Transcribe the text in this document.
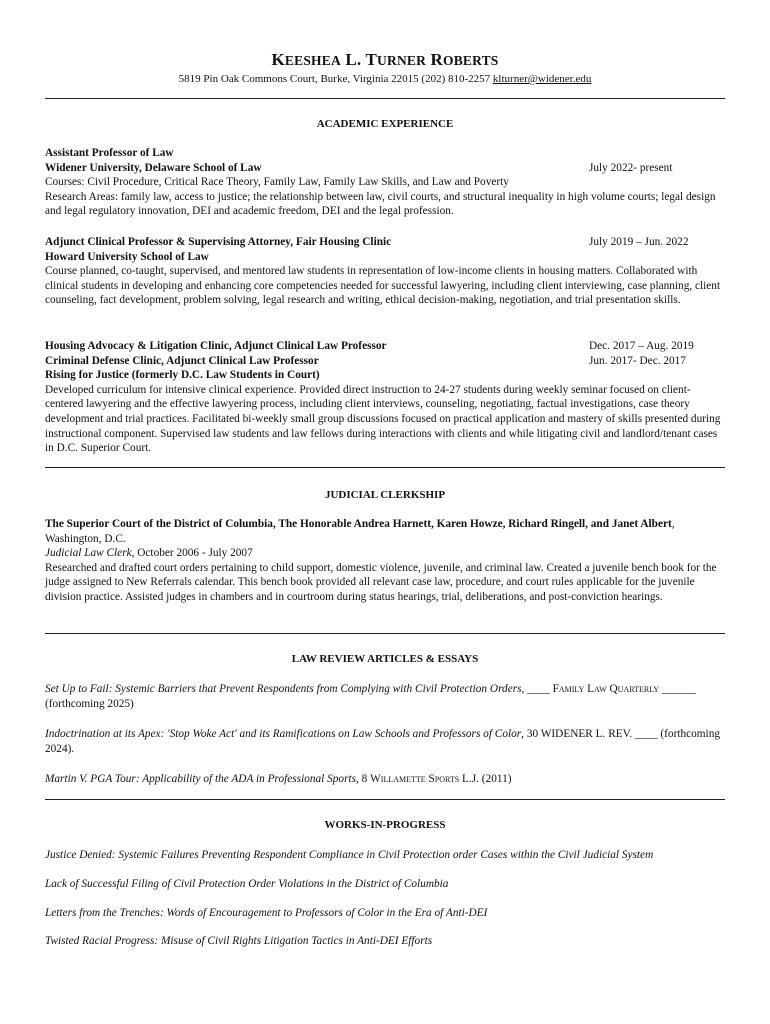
KEESHEA L. TURNER ROBERTS
5819 Pin Oak Commons Court, Burke, Virginia 22015 (202) 810-2257 klturner@widener.edu
ACADEMIC EXPERIENCE
Assistant Professor of Law
Widener University, Delaware School of Law	July 2022- present

Courses: Civil Procedure, Critical Race Theory, Family Law, Family Law Skills, and Law and Poverty

Research Areas: family law, access to justice; the relationship between law, civil courts, and structural inequality in high volume courts; legal design and legal regulatory innovation, DEI and academic freedom, DEI and the legal profession.

Adjunct Clinical Professor & Supervising Attorney, Fair Housing Clinic	July 2019 – Jun. 2022
Howard University School of Law

Course planned, co-taught, supervised, and mentored law students in representation of low-income clients in housing matters. Collaborated with clinical students in developing and enhancing core competencies needed for successful lawyering, including client interviewing, case planning, client counseling, fact development, problem solving, legal research and writing, ethical decision-making, negotiation, and trial presentation skills.

Housing Advocacy & Litigation Clinic, Adjunct Clinical Law Professor	Dec. 2017 – Aug. 2019
Criminal Defense Clinic, Adjunct Clinical Law Professor	Jun. 2017- Dec. 2017
Rising for Justice (formerly D.C. Law Students in Court)

Developed curriculum for intensive clinical experience. Provided direct instruction to 24-27 students during weekly seminar focused on client-centered lawyering and the effective lawyering process, including client interviews, counseling, negotiating, factual investigations, case theory development and trial practices. Facilitated bi-weekly small group discussions focused on practical application and mastery of skills presented during instructional component. Supervised law students and law fellows during interactions with clients and while litigating civil and landlord/tenant cases in D.C. Superior Court.

JUDICIAL CLERKSHIP

The Superior Court of the District of Columbia, The Honorable Andrea Harnett, Karen Howze, Richard Ringell, and Janet Albert, Washington, D.C.

Judicial Law Clerk, October 2006 - July 2007

Researched and drafted court orders pertaining to child support, domestic violence, juvenile, and criminal law. Created a juvenile bench book for the judge assigned to New Referrals calendar. This bench book provided all relevant case law, procedure, and court rules applicable for the juvenile division practice. Assisted judges in chambers and in courtroom during status hearings, trial, deliberations, and post-conviction hearings.

LAW REVIEW ARTICLES & ESSAYS

Set Up to Fail: Systemic Barriers that Prevent Respondents from Complying with Civil Protection Orders, ____ Family Law Quarterly ______ (forthcoming 2025)

Indoctrination at its Apex: 'Stop Woke Act' and its Ramifications on Law Schools and Professors of Color, 30 WIDENER L. REV. ____ (forthcoming 2024).

Martin V. PGA Tour: Applicability of the ADA in Professional Sports, 8 Willamette Sports L.J. (2011)

WORKS-IN-PROGRESS
Justice Denied: Systemic Failures Preventing Respondent Compliance in Civil Protection order Cases within the Civil Judicial System
Lack of Successful Filing of Civil Protection Order Violations in the District of Columbia
Letters from the Trenches: Words of Encouragement to Professors of Color in the Era of Anti-DEI
Twisted Racial Progress: Misuse of Civil Rights Litigation Tactics in Anti-DEI Efforts
